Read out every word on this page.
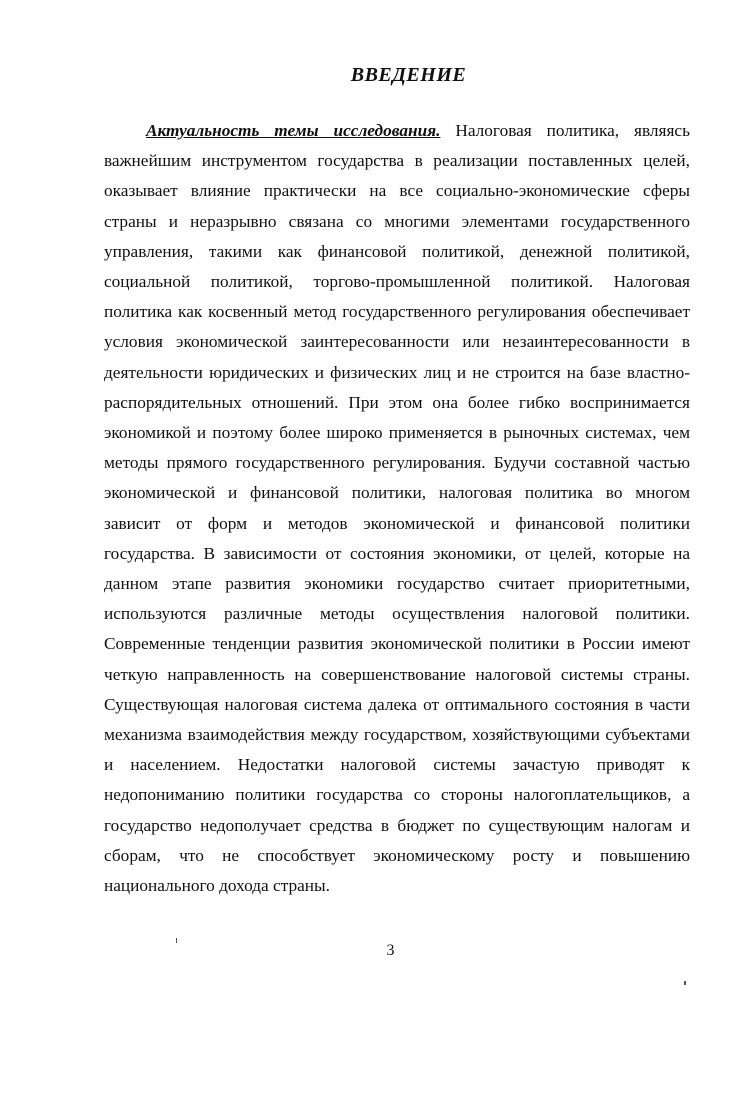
ВВЕДЕНИЕ

Актуальность темы исследования. Налоговая политика, являясь важнейшим инструментом государства в реализации поставленных целей, оказывает влияние практически на все социально-экономические сферы страны и неразрывно связана со многими элементами государственного управления, такими как финансовой политикой, денежной политикой, социальной политикой, торгово-промышленной политикой. Налоговая политика как косвенный метод государственного регулирования обеспечивает условия экономической заинтересованности или незаинтересованности в деятельности юридических и физических лиц и не строится на базе властно-распорядительных отношений. При этом она более гибко воспринимается экономикой и поэтому более широко применяется в рыночных системах, чем методы прямого государственного регулирования. Будучи составной частью экономической и финансовой политики, налоговая политика во многом зависит от форм и методов экономической и финансовой политики государства. В зависимости от состояния экономики, от целей, которые на данном этапе развития экономики государство считает приоритетными, используются различные методы осуществления налоговой политики. Современные тенденции развития экономической политики в России имеют четкую направленность на совершенствование налоговой системы страны. Существующая налоговая система далека от оптимального состояния в части механизма взаимодействия между государством, хозяйствующими субъектами и населением. Недостатки налоговой системы зачастую приводят к недопониманию политики государства со стороны налогоплательщиков, а государство недополучает средства в бюджет по существующим налогам и сборам, что не способствует экономическому росту и повышению национального дохода страны.

3
